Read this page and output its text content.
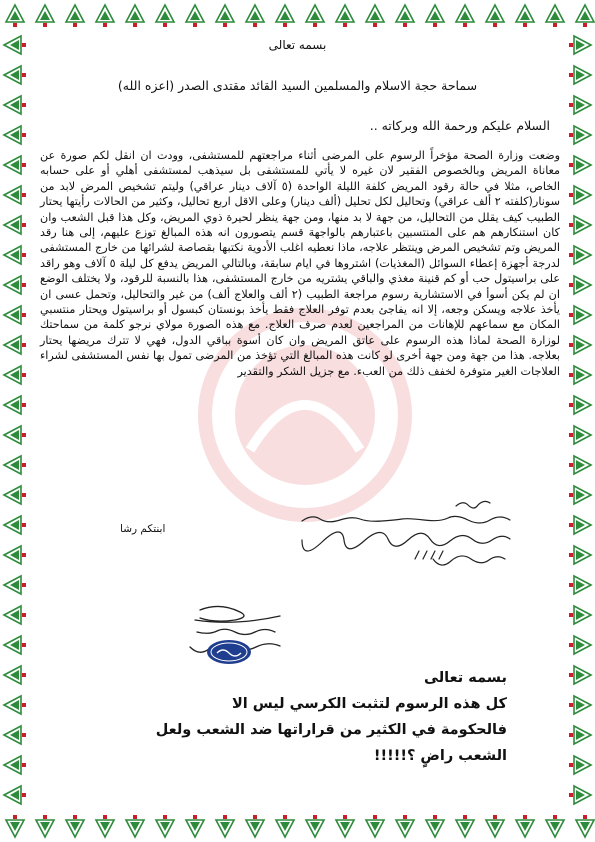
بسمه تعالى
سماحة حجة الاسلام والمسلمين السيد القائد مقتدى الصدر (اعزه الله)
السلام عليكم ورحمة الله وبركاته ..
وضعت وزارة الصحة مؤخراً الرسوم على المرضى أثناء مراجعتهم للمستشفى، وودت ان انقل لكم صورة عن معاناة المريض وبالخصوص الفقير لان غيره لا يأتي للمستشفى بل سيذهب لمستشفى أهلي أو على حسابه الخاص، مثلا في حالة رقود المريض كلفة الليلة الواحدة (٥ آلاف دينار عراقي) وليتم تشخيص المرض لابد من سونار(كلفته ٢ ألف عراقي) وتحاليل لكل تحليل (ألف دينار) وعلى الاقل اربع تحاليل، وكثير من الحالات رأيتها يحتار الطبيب كيف يقلل من التحاليل، من جهة لا بد منها، ومن جهة ينظر لحيرة ذوي المريض، وكل هذا قبل الشعب وان كان استنكارهم هم على المنتسبين باعتبارهم بالواجهة قسم يتصورون انه هذه المبالغ توزع عليهم، إلى هنا رقد المريض وتم تشخيص المرض وينتظر علاجه، ماذا نعطيه اغلب الأدوية نكتبها بقصاصة لشرائها من خارج المستشفى لدرجة أجهزة إعطاء السوائل (المغذيات) اشتروها في ايام سابقة، وبالتالي المريض يدفع كل ليلة ٥ آلاف وهو راقد على براسيتول حب أو كم قنينة مغذي والباقي يشتريه من خارج المستشفى، هذا بالنسبة للرقود، ولا يختلف الوضع ان لم يكن أسوأ في الاستشارية رسوم مراجعة الطبيب (٢ ألف والعلاج ألف) من غير والتحاليل، وتحمل عسى ان يأخذ علاجه ويسكن وجعه، إلا انه يفاجئ بعدم توفر العلاج فقط يأخذ بونستان كبسول أو براسيتول ويحتار منتسبي المكان مع سماعهم للإهانات من المراجعين لعدم صرف العلاج. مع هذه الصورة مولاي نرجو كلمة من سماحتك لوزارة الصحة لماذا هذه الرسوم على عاتق المريض وان كان أسوة بباقي الدول، فهي لا تترك مريضها يحتار بعلاجه. هذا من جهة ومن جهة أخرى لو كانت هذه المبالغ التي تؤخذ من المرضى تمول بها نفس المستشفى لشراء العلاجات الغير متوفرة لخفف ذلك من العبء. مع جزيل الشكر والتقدير
ابنتكم رشا
بسمه تعالى
كل هذه الرسوم لتثبت الكرسي ليس الا
فالحكومة في الكثير من قراراتها ضد الشعب ولعل
الشعب راضٍ ؟!!!!!
